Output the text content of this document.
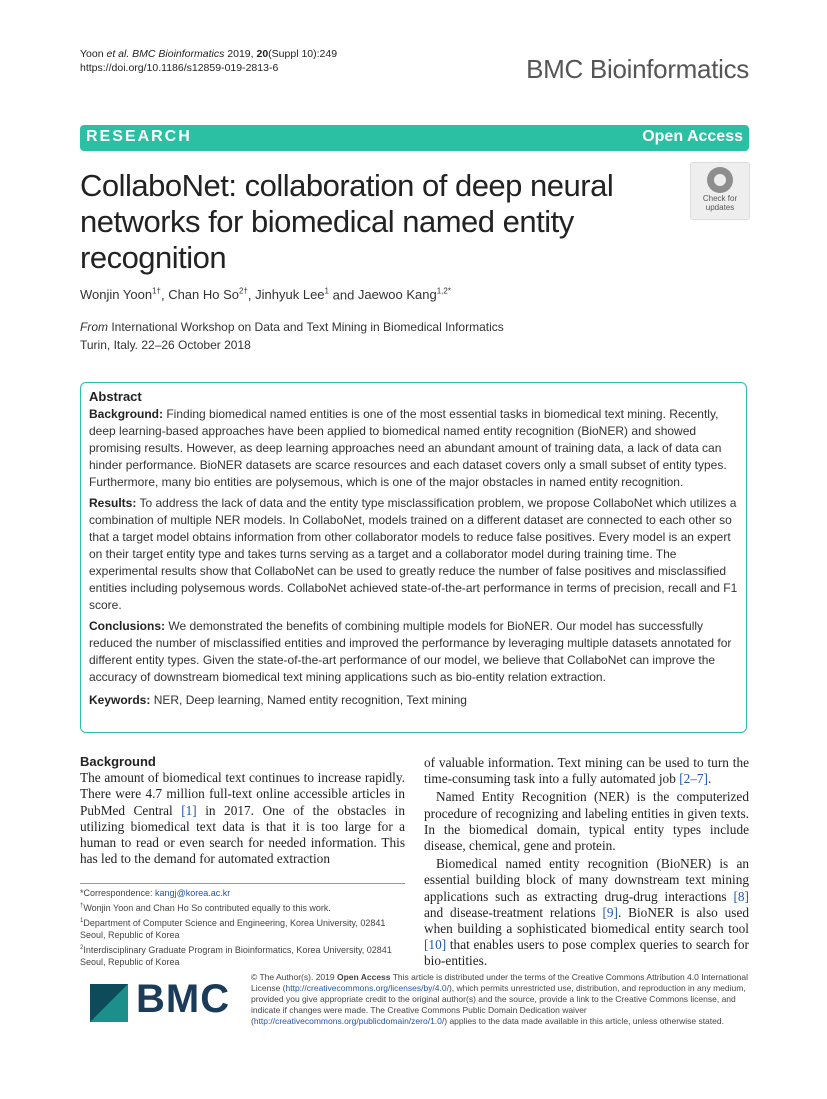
Yoon et al. BMC Bioinformatics 2019, 20(Suppl 10):249
https://doi.org/10.1186/s12859-019-2813-6	BMC Bioinformatics
RESEARCH	Open Access
CollaboNet: collaboration of deep neural networks for biomedical named entity recognition
Check for
updates
Wonjin Yoon$^{1\dagger}$, Chan Ho $So^{2\dagger}$, Jinhyuk Lee$^1$ and Jaewoo Kang$^{1,2*}$
From International Workshop on Data and Text Mining in Biomedical Informatics
Turin, Italy. 22–26 October 2018
Abstract

Background: Finding biomedical named entities is one of the most essential tasks in biomedical text mining. Recently, deep learning-based approaches have been applied to biomedical named entity recognition (BioNER) and showed promising results. However, as deep learning approaches need an abundant amount of training data, a lack of data can hinder performance. BioNER datasets are scarce resources and each dataset covers only a small subset of entity types. Furthermore, many bio entities are polysemous, which is one of the major obstacles in named entity recognition.

Results: To address the lack of data and the entity type misclassification problem, we propose CollaboNet which utilizes a combination of multiple NER models. In CollaboNet, models trained on a different dataset are connected to each other so that a target model obtains information from other collaborator models to reduce false positives. Every model is an expert on their target entity type and takes turns serving as a target and a collaborator model during training time. The experimental results show that CollaboNet can be used to greatly reduce the number of false positives and misclassified entities including polysemous words. CollaboNet achieved state-of-the-art performance in terms of precision, recall and F1 score.

Conclusions: We demonstrated the benefits of combining multiple models for BioNER. Our model has successfully reduced the number of misclassified entities and improved the performance by leveraging multiple datasets annotated for different entity types. Given the state-of-the-art performance of our model, we believe that CollaboNet can improve the accuracy of downstream biomedical text mining applications such as bio-entity relation extraction.

Keywords: NER, Deep learning, Named entity recognition, Text mining

Background

The amount of biomedical text continues to increase rapidly. There were 4.7 million full-text online accessible articles in PubMed Central [1] in 2017. One of the obstacles in utilizing biomedical text data is that it is too large for a human to read or even search for needed information. This has led to the demand for automated extraction

*Correspondence: kangj@korea.ac.kr

†Wonjin Yoon and Chan Ho So contributed equally to this work.

$^1$Department of Computer Science and Engineering, Korea University, 02841 Seoul, Republic of Korea

$^2$Interdisciplinary Graduate Program in Bioinformatics, Korea University, 02841 Seoul, Republic of Korea

of valuable information. Text mining can be used to turn the time-consuming task into a fully automated job [2–7].

Named Entity Recognition (NER) is the computerized procedure of recognizing and labeling entities in given texts. In the biomedical domain, typical entity types include disease, chemical, gene and protein.

Biomedical named entity recognition (BioNER) is an essential building block of many downstream text mining applications such as extracting drug-drug interactions [8] and disease-treatment relations [9]. BioNER is also used when building a sophisticated biomedical entity search tool [10] that enables users to pose complex queries to search for bio-entities.

BMC © The Author(s). 2019 Open Access This article is distributed under the terms of the Creative Commons Attribution 4.0 International License (http://creativecommons.org/licenses/by/4.0/), which permits unrestricted use, distribution, and reproduction in any medium, provided you give appropriate credit to the original author(s) and the source, provide a link to the Creative Commons license, and indicate if changes were made. The Creative Commons Public Domain Dedication waiver (http://creativecommons.org/publicdomain/zero/1.0/) applies to the data made available in this article, unless otherwise stated.
